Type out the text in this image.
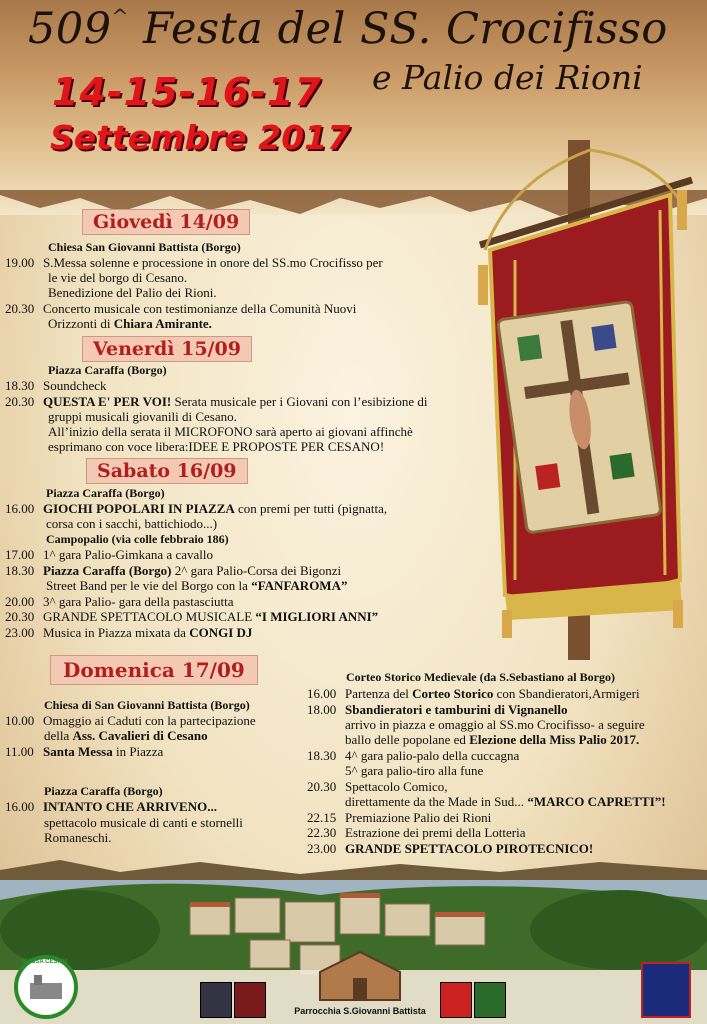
509^ Festa del SS. Crocifisso
e Palio dei Rioni
14-15-16-17
Settembre 2017
Giovedì 14/09
Chiesa San Giovanni Battista (Borgo)
19.00 S.Messa solenne e processione in onore del SS.mo Crocifisso per
le vie del borgo di Cesano.
Benedizione del Palio dei Rioni.
20.30 Concerto musicale con testimonianze della Comunità Nuovi
Orizzonti di Chiara Amirante.
Venerdì 15/09
Piazza Caraffa (Borgo)
18.30 Soundcheck
20.30 QUESTA E' PER VOI! Serata musicale per i Giovani con l’esibizione di
gruppi musicali giovanili di Cesano.
All’inizio della serata il MICROFONO sarà aperto ai giovani affinchè
esprimano con voce libera:IDEE E PROPOSTE PER CESANO!
Sabato 16/09
Piazza Caraffa (Borgo)
16.00 GIOCHI POPOLARI IN PIAZZA con premi per tutti (pignatta,
corsa con i sacchi, battichiodo...)
Campopalio (via colle febbraio 186)
17.00 1^ gara Palio-Gimkana a cavallo
18.30 Piazza Caraffa (Borgo) 2^ gara Palio-Corsa dei Bigonzi
Street Band per le vie del Borgo con la “FANFAROMA”
20.00 3^ gara Palio- gara della pastasciutta
20.30 GRANDE SPETTACOLO MUSICALE “I MIGLIORI ANNI”
23.00 Musica in Piazza mixata da CONGI DJ
Domenica 17/09
Chiesa di San Giovanni Battista (Borgo)
10.00 Omaggio ai Caduti con la partecipazione
della Ass. Cavalieri di Cesano
11.00 Santa Messa in Piazza
Piazza Caraffa (Borgo)
16.00 INTANTO CHE ARRIVENO...
spettacolo musicale di canti e stornelli
Romaneschi.
Corteo Storico Medievale (da S.Sebastiano al Borgo)
16.00 Partenza del Corteo Storico con Sbandieratori,Armigeri
18.00 Sbandieratori e tamburini di Vignanello
arrivo in piazza e omaggio al SS.mo Crocifisso- a seguire
ballo delle popolane ed Elezione della Miss Palio 2017.
18.30 4^ gara palio-palo della cuccagna
5^ gara palio-tiro alla fune
20.30 Spettacolo Comico,
direttamente da the Made in Sud... “MARCO CAPRETTI”!
22.15 Premiazione Palio dei Rioni
22.30 Estrazione dei premi della Lotteria
23.00 GRANDE SPETTACOLO PIROTECNICO!
MASSA CESANI
Parrocchia S.Giovanni Battista
